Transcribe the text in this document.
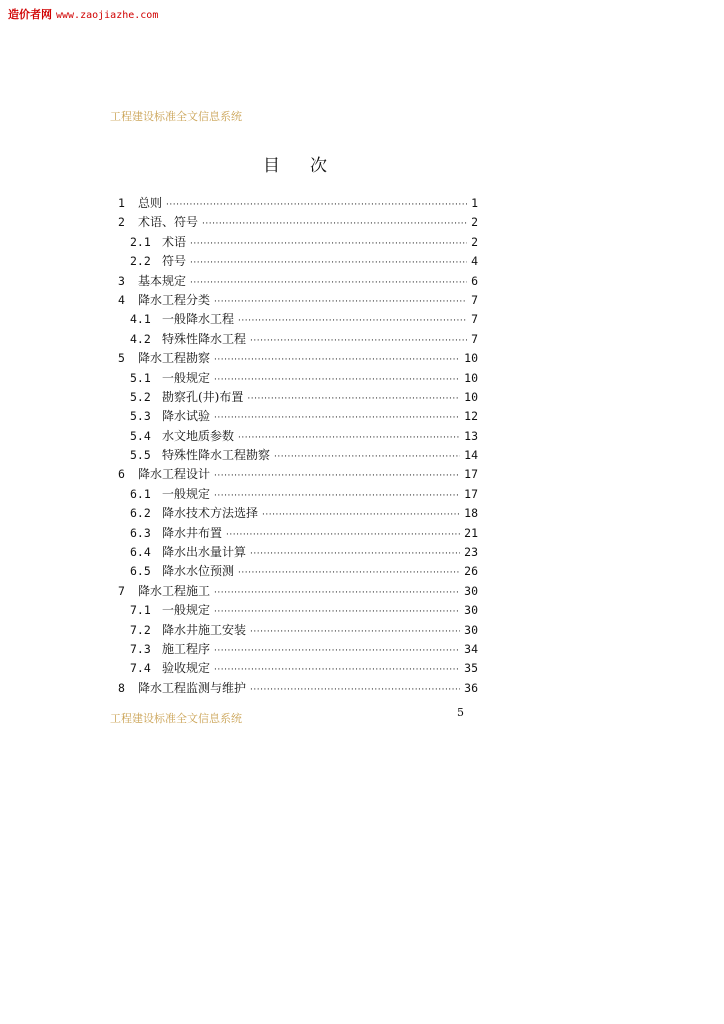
造价者网 www.zaojiazhe.com
工程建设标准全文信息系统
目 次
1	总则 ·····	1
2	术语、符号 ·····	2
2.1 术语 ·····	2
2.2 符号 ·····	4
3	基本规定 ·····	6
4	降水工程分类 ·····	7
4.1 一般降水工程 ·····	7
4.2 特殊性降水工程 ·····	7
5	降水工程勘察 ·····	10
5.1 一般规定 ·····	10
5.2 勘察孔(井)布置 ·····	10
5.3 降水试验 ·····	12
5.4 水文地质参数 ·····	13
5.5 特殊性降水工程勘察 ·····	14
6	降水工程设计 ·····	17
6.1 一般规定 ·····	17
6.2 降水技术方法选择 ·····	18
6.3 降水井布置 ·····	21
6.4 降水出水量计算 ·····	23
6.5 降水水位预测 ·····	26
7	降水工程施工 ·····	30
7.1 一般规定 ·····	30
7.2 降水井施工安装 ·····	30
7.3 施工程序 ·····	34
7.4 验收规定 ·····	35
8	降水工程监测与维护 ·····	36
5
工程建设标准全文信息系统
